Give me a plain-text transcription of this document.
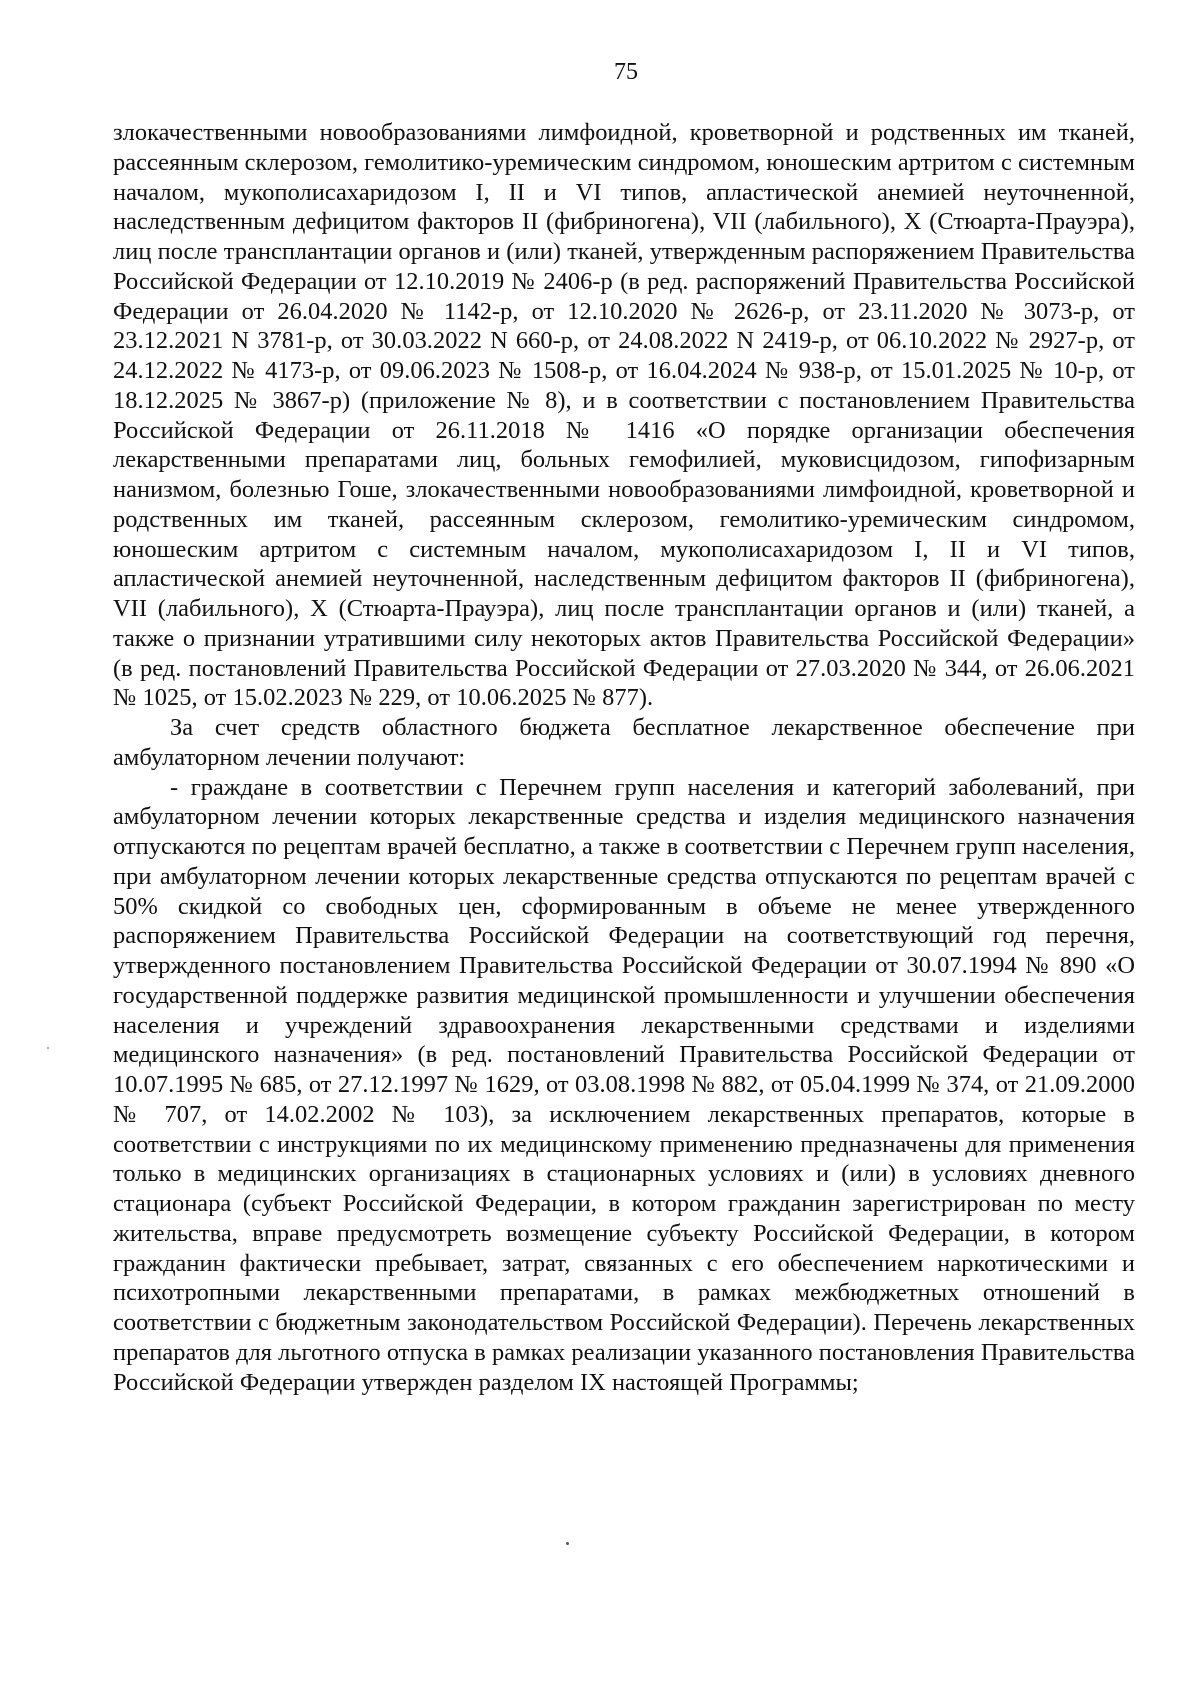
75

злокачественными новообразованиями лимфоидной, кроветворной и родственных им тканей, рассеянным склерозом, гемолитико-уремическим синдромом, юношеским артритом с системным началом, мукополисахаридозом I, II и VI типов, апластической анемией неуточненной, наследственным дефицитом факторов II (фибриногена), VII (лабильного), X (Стюарта-Прауэра), лиц после трансплантации органов и (или) тканей, утвержденным распоряжением Правительства Российской Федерации от 12.10.2019 № 2406-р (в ред. распоряжений Правительства Российской Федерации от 26.04.2020 № 1142-р, от 12.10.2020 № 2626-р, от 23.11.2020 № 3073-р, от 23.12.2021 N 3781-р, от 30.03.2022 N 660-р, от 24.08.2022 N 2419-р, от 06.10.2022 № 2927-р, от 24.12.2022 № 4173-р, от 09.06.2023 № 1508-р, от 16.04.2024 № 938-р, от 15.01.2025 № 10-р, от 18.12.2025 № 3867-р) (приложение № 8), и в соответствии с постановлением Правительства Российской Федерации от 26.11.2018 № 1416 «О порядке организации обеспечения лекарственными препаратами лиц, больных гемофилией, муковисцидозом, гипофизарным нанизмом, болезнью Гоше, злокачественными новообразованиями лимфоидной, кроветворной и родственных им тканей, рассеянным склерозом, гемолитико-уремическим синдромом, юношеским артритом с системным началом, мукополисахаридозом I, II и VI типов, апластической анемией неуточненной, наследственным дефицитом факторов II (фибриногена), VII (лабильного), X (Стюарта-Прауэра), лиц после трансплантации органов и (или) тканей, а также о признании утратившими силу некоторых актов Правительства Российской Федерации» (в ред. постановлений Правительства Российской Федерации от 27.03.2020 № 344, от 26.06.2021 № 1025, от 15.02.2023 № 229, от 10.06.2025 № 877).

За счет средств областного бюджета бесплатное лекарственное обеспечение при амбулаторном лечении получают:

- граждане в соответствии с Перечнем групп населения и категорий заболеваний, при амбулаторном лечении которых лекарственные средства и изделия медицинского назначения отпускаются по рецептам врачей бесплатно, а также в соответствии с Перечнем групп населения, при амбулаторном лечении которых лекарственные средства отпускаются по рецептам врачей с 50% скидкой со свободных цен, сформированным в объеме не менее утвержденного распоряжением Правительства Российской Федерации на соответствующий год перечня, утвержденного постановлением Правительства Российской Федерации от 30.07.1994 № 890 «О государственной поддержке развития медицинской промышленности и улучшении обеспечения населения и учреждений здравоохранения лекарственными средствами и изделиями медицинского назначения» (в ред. постановлений Правительства Российской Федерации от 10.07.1995 № 685, от 27.12.1997 № 1629, от 03.08.1998 № 882, от 05.04.1999 № 374, от 21.09.2000 № 707, от 14.02.2002 № 103), за исключением лекарственных препаратов, которые в соответствии с инструкциями по их медицинскому применению предназначены для применения только в медицинских организациях в стационарных условиях и (или) в условиях дневного стационара (субъект Российской Федерации, в котором гражданин зарегистрирован по месту жительства, вправе предусмотреть возмещение субъекту Российской Федерации, в котором гражданин фактически пребывает, затрат, связанных с его обеспечением наркотическими и психотропными лекарственными препаратами, в рамках межбюджетных отношений в соответствии с бюджетным законодательством Российской Федерации). Перечень лекарственных препаратов для льготного отпуска в рамках реализации указанного постановления Правительства Российской Федерации утвержден разделом IX настоящей Программы;
